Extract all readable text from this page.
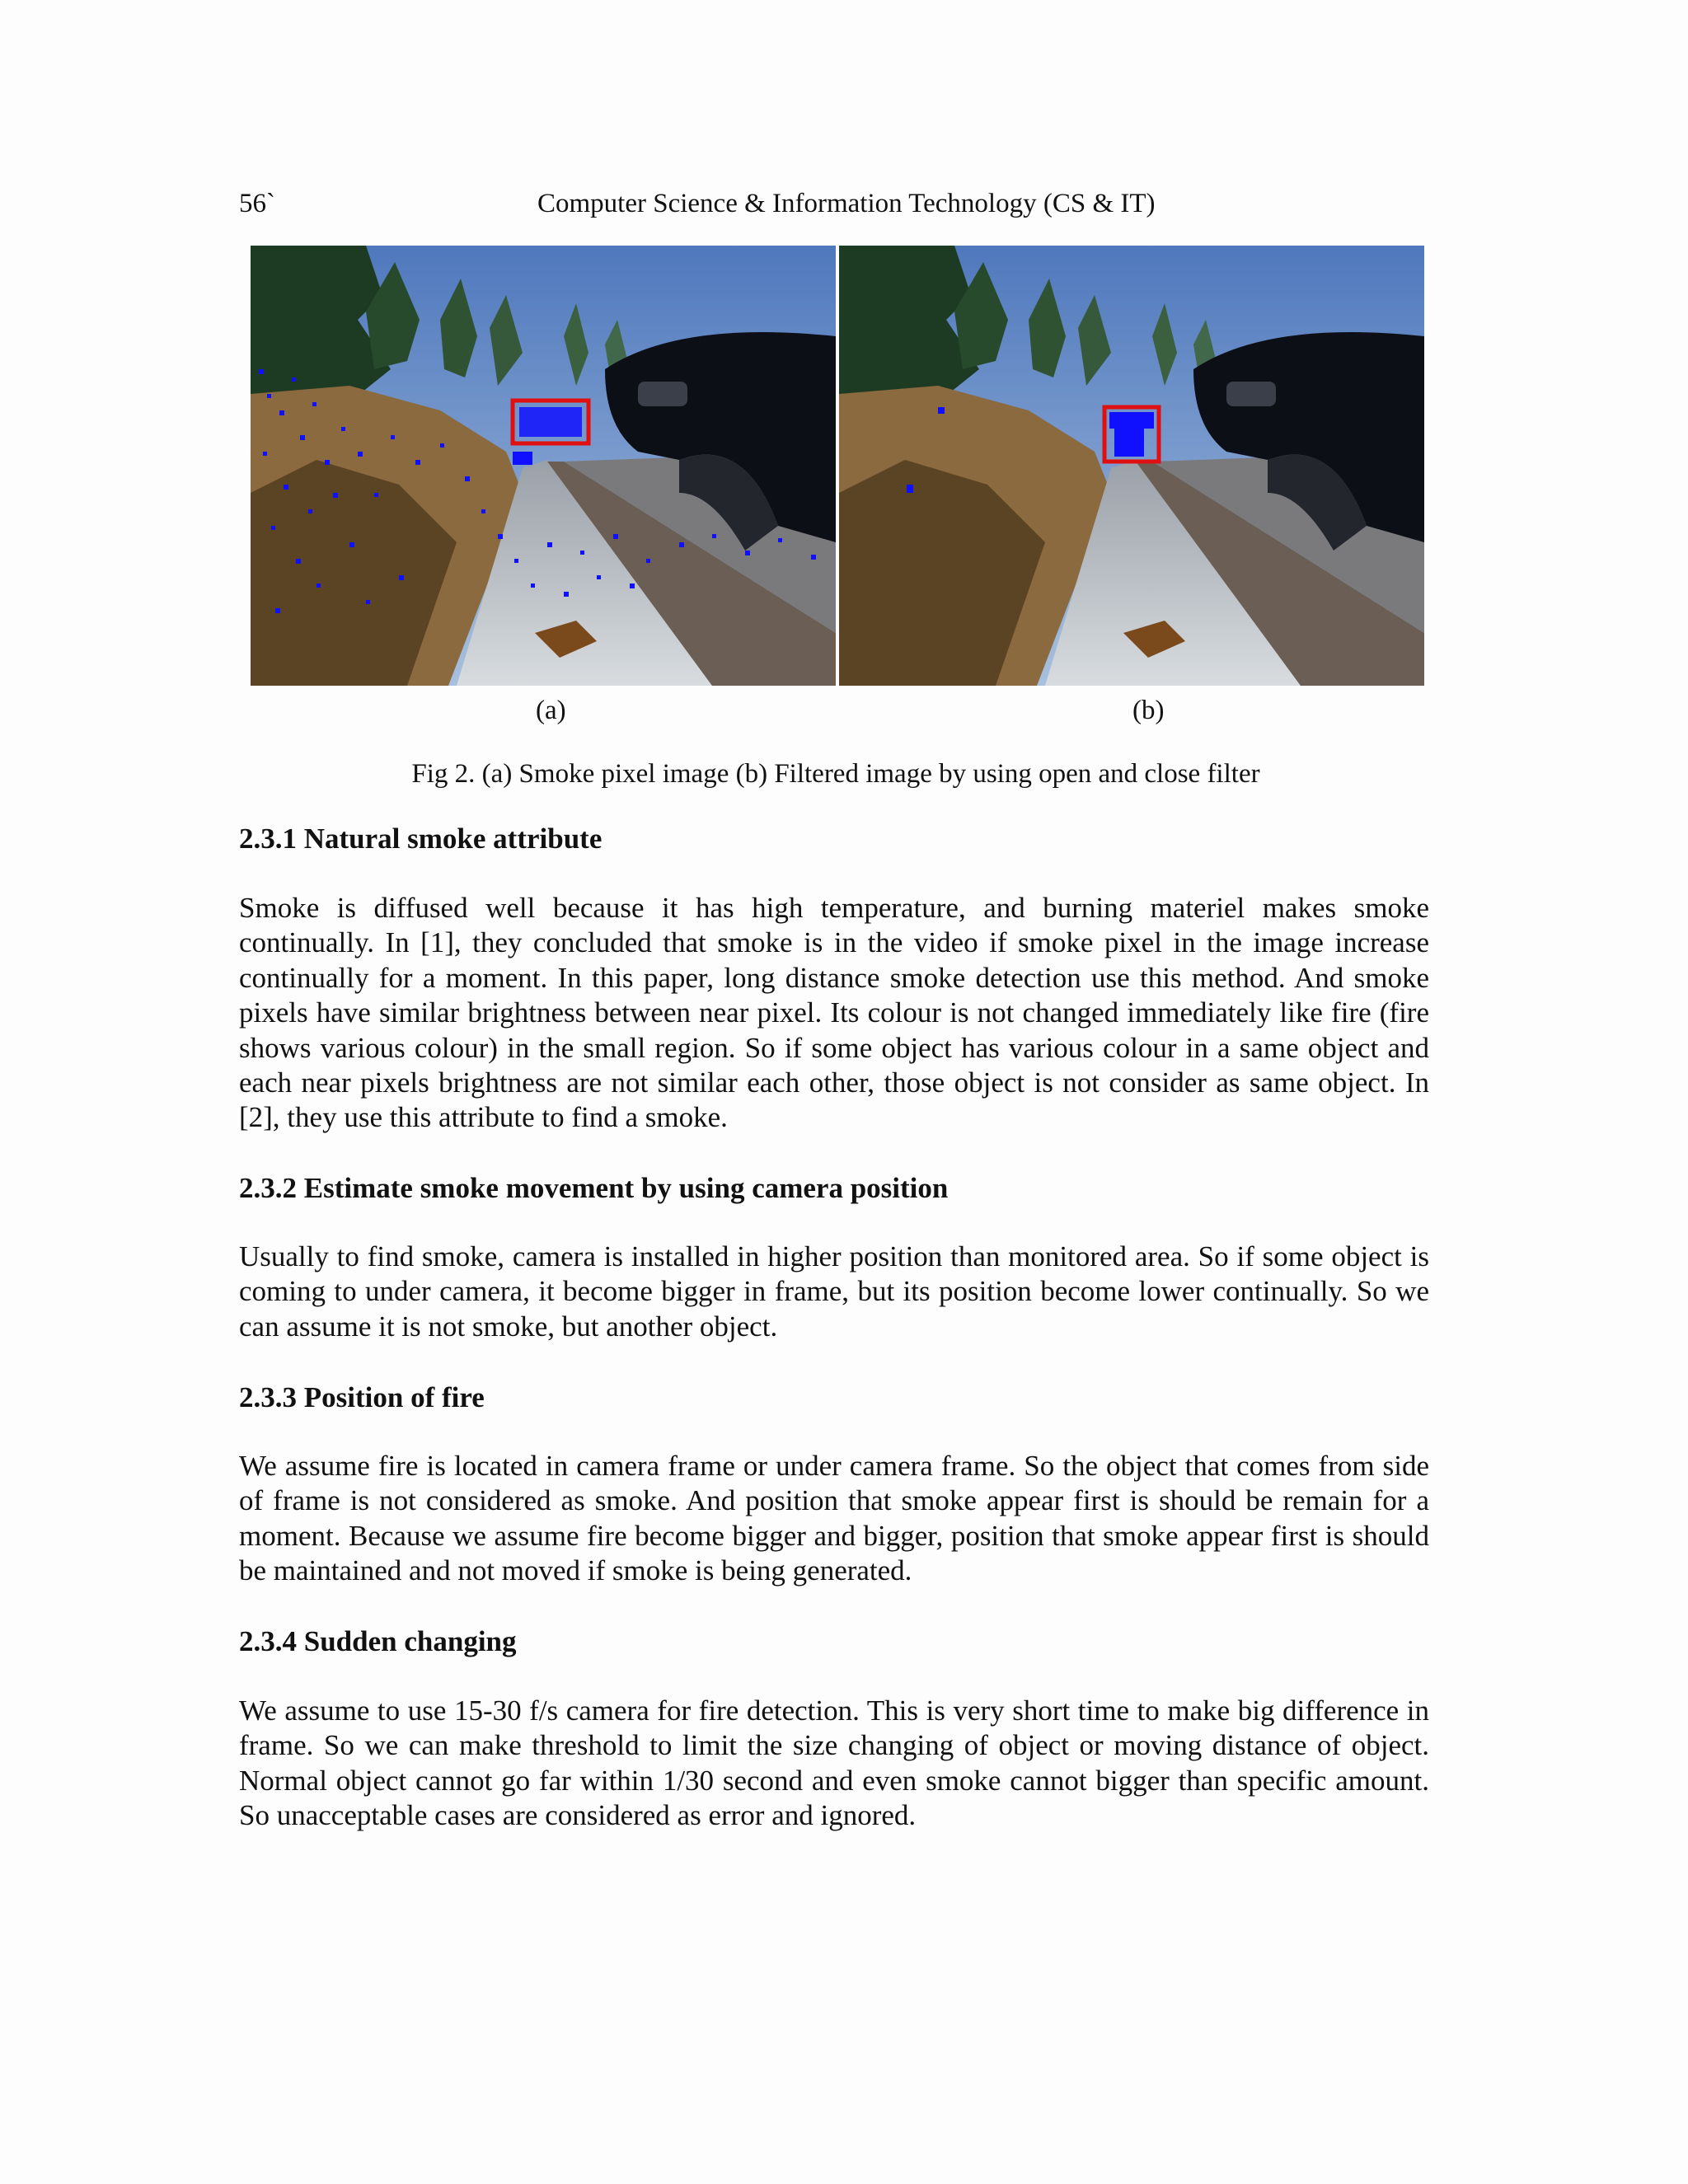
56`	Computer Science & Information Technology (CS & IT)
(a)	(b)
Fig 2. (a) Smoke pixel image (b) Filtered image by using open and close filter
2.3.1 Natural smoke attribute
Smoke is diffused well because it has high temperature, and burning materiel makes smoke continually. In [1], they concluded that smoke is in the video if smoke pixel in the image increase continually for a moment. In this paper, long distance smoke detection use this method. And smoke pixels have similar brightness between near pixel. Its colour is not changed immediately like fire (fire shows various colour) in the small region. So if some object has various colour in a same object and each near pixels brightness are not similar each other, those object is not consider as same object. In [2], they use this attribute to find a smoke.
2.3.2 Estimate smoke movement by using camera position
Usually to find smoke, camera is installed in higher position than monitored area. So if some object is coming to under camera, it become bigger in frame, but its position become lower continually. So we can assume it is not smoke, but another object.
2.3.3 Position of fire
We assume fire is located in camera frame or under camera frame. So the object that comes from side of frame is not considered as smoke. And position that smoke appear first is should be remain for a moment. Because we assume fire become bigger and bigger, position that smoke appear first is should be maintained and not moved if smoke is being generated.
2.3.4 Sudden changing
We assume to use 15-30 f/s camera for fire detection. This is very short time to make big difference in frame. So we can make threshold to limit the size changing of object or moving distance of object. Normal object cannot go far within 1/30 second and even smoke cannot bigger than specific amount. So unacceptable cases are considered as error and ignored.
